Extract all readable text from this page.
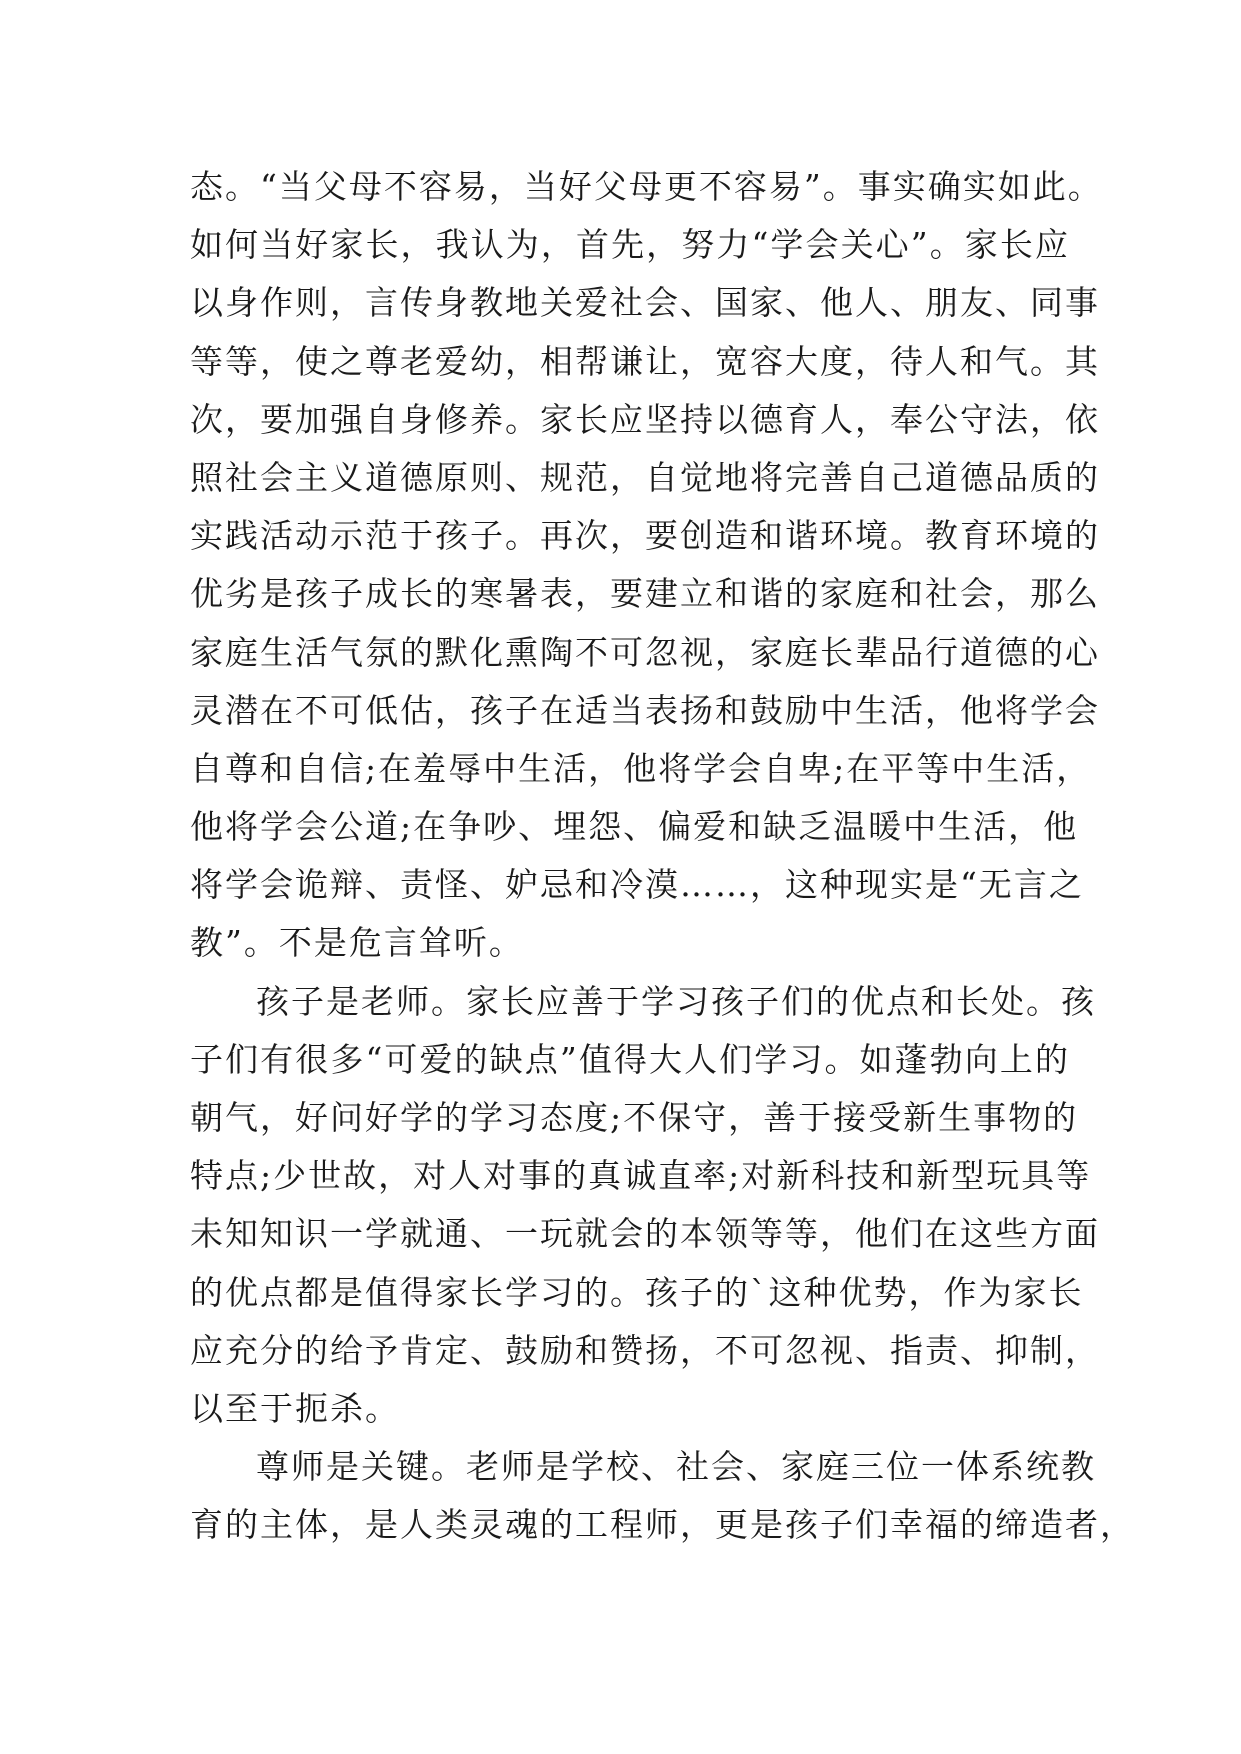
态。“当父母不容易，当好父母更不容易”。事实确实如此。
如何当好家长，我认为，首先，努力“学会关心”。家长应
以身作则，言传身教地关爱社会、国家、他人、朋友、同事
等等，使之尊老爱幼，相帮谦让，宽容大度，待人和气。其
次，要加强自身修养。家长应坚持以德育人，奉公守法，依
照社会主义道德原则、规范，自觉地将完善自己道德品质的
实践活动示范于孩子。再次，要创造和谐环境。教育环境的
优劣是孩子成长的寒暑表，要建立和谐的家庭和社会，那么
家庭生活气氛的默化熏陶不可忽视，家庭长辈品行道德的心
灵潜在不可低估，孩子在适当表扬和鼓励中生活，他将学会
自尊和自信;在羞辱中生活，他将学会自卑;在平等中生活，
他将学会公道;在争吵、埋怨、偏爱和缺乏温暖中生活，他
将学会诡辩、责怪、妒忌和冷漠……，这种现实是“无言之
教”。不是危言耸听。
孩子是老师。家长应善于学习孩子们的优点和长处。孩
子们有很多“可爱的缺点”值得大人们学习。如蓬勃向上的
朝气，好问好学的学习态度;不保守，善于接受新生事物的
特点;少世故，对人对事的真诚直率;对新科技和新型玩具等
未知知识一学就通、一玩就会的本领等等，他们在这些方面
的优点都是值得家长学习的。孩子的`这种优势，作为家长
应充分的给予肯定、鼓励和赞扬，不可忽视、指责、抑制，
以至于扼杀。
尊师是关键。老师是学校、社会、家庭三位一体系统教
育的主体，是人类灵魂的工程师，更是孩子们幸福的缔造者，
